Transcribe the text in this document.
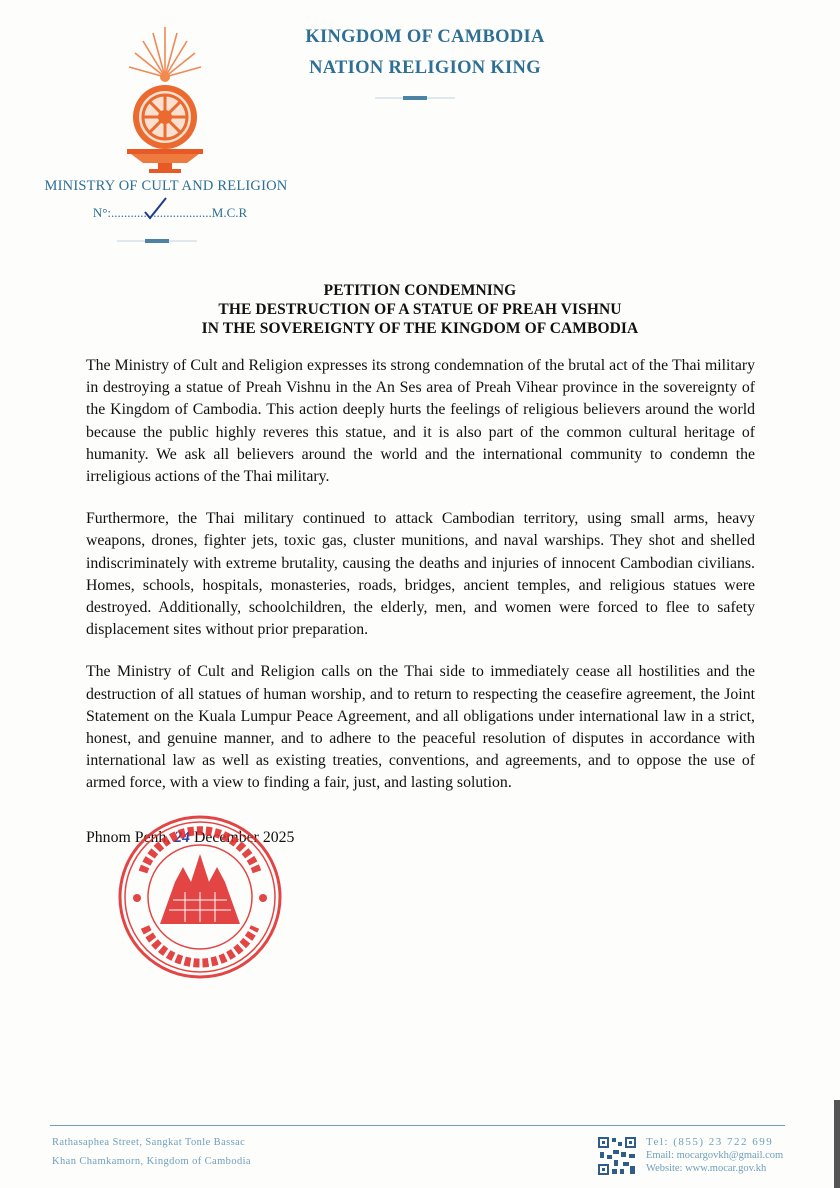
MINISTRY OF CULT AND RELIGION
N°:...............................M.C.R
KINGDOM OF CAMBODIA
NATION RELIGION KING
PETITION CONDEMNING
THE DESTRUCTION OF A STATUE OF PREAH VISHNU
IN THE SOVEREIGNTY OF THE KINGDOM OF CAMBODIA

The Ministry of Cult and Religion expresses its strong condemnation of the brutal act of the Thai military in destroying a statue of Preah Vishnu in the An Ses area of Preah Vihear province in the sovereignty of the Kingdom of Cambodia. This action deeply hurts the feelings of religious believers around the world because the public highly reveres this statue, and it is also part of the common cultural heritage of humanity. We ask all believers around the world and the international community to condemn the irreligious actions of the Thai military.

Furthermore, the Thai military continued to attack Cambodian territory, using small arms, heavy weapons, drones, fighter jets, toxic gas, cluster munitions, and naval warships. They shot and shelled indiscriminately with extreme brutality, causing the deaths and injuries of innocent Cambodian civilians. Homes, schools, hospitals, monasteries, roads, bridges, ancient temples, and religious statues were destroyed. Additionally, schoolchildren, the elderly, men, and women were forced to flee to safety displacement sites without prior preparation.

The Ministry of Cult and Religion calls on the Thai side to immediately cease all hostilities and the destruction of all statues of human worship, and to return to respecting the ceasefire agreement, the Joint Statement on the Kuala Lumpur Peace Agreement, and all obligations under international law in a strict, honest, and genuine manner, and to adhere to the peaceful resolution of disputes in accordance with international law as well as existing treaties, conventions, and agreements, and to oppose the use of armed force, with a view to finding a fair, just, and lasting solution.

Phnom Penh, 24 December 2025
Rathasaphea Street, Sangkat Tonle Bassac
Khan Chamkamorn, Kingdom of Cambodia
Tel: (855) 23 722 699
Email: mocargovkh@gmail.com
Website: www.mocar.gov.kh
